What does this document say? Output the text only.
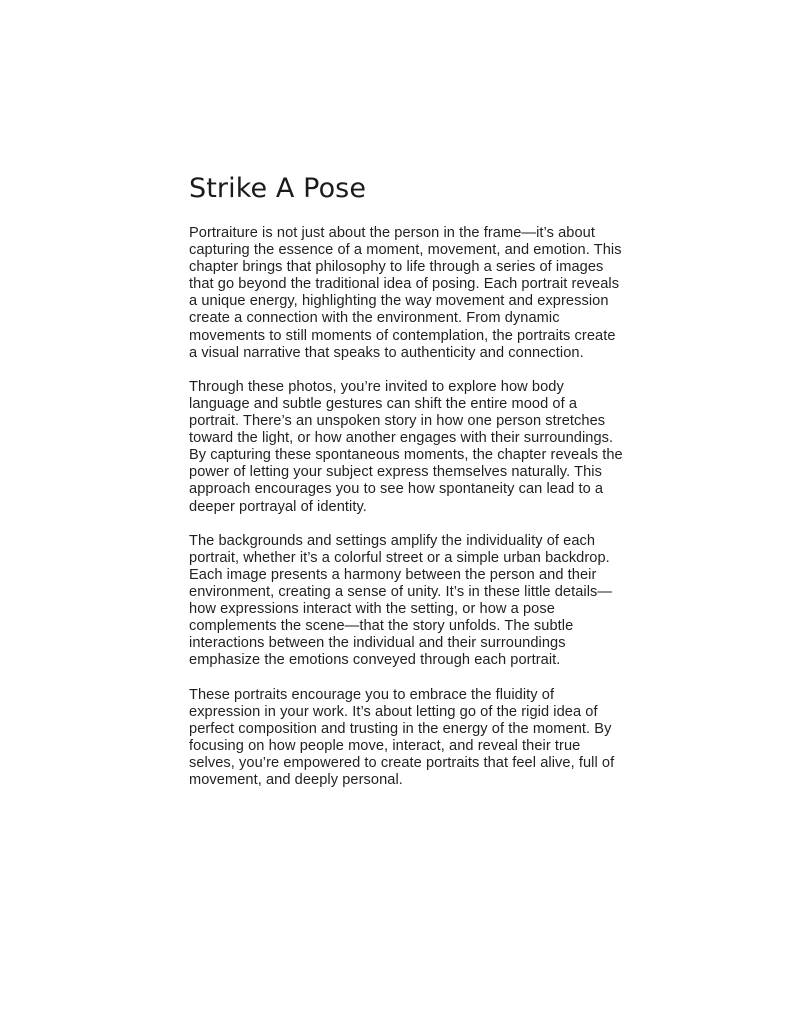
Strike A Pose

Portraiture is not just about the person in the frame—it’s about capturing the essence of a moment, movement, and emotion. This chapter brings that philosophy to life through a series of images that go beyond the traditional idea of posing. Each portrait reveals a unique energy, highlighting the way movement and expression create a connection with the environment. From dynamic movements to still moments of contemplation, the portraits create a visual narrative that speaks to authenticity and connection.

Through these photos, you’re invited to explore how body language and subtle gestures can shift the entire mood of a portrait. There’s an unspoken story in how one person stretches toward the light, or how another engages with their surroundings. By capturing these spontaneous moments, the chapter reveals the power of letting your subject express themselves naturally. This approach encourages you to see how spontaneity can lead to a deeper portrayal of identity.

The backgrounds and settings amplify the individuality of each portrait, whether it’s a colorful street or a simple urban backdrop. Each image presents a harmony between the person and their environment, creating a sense of unity. It’s in these little details—how expressions interact with the setting, or how a pose complements the scene—that the story unfolds. The subtle interactions between the individual and their surroundings emphasize the emotions conveyed through each portrait.

These portraits encourage you to embrace the fluidity of expression in your work. It’s about letting go of the rigid idea of perfect composition and trusting in the energy of the moment. By focusing on how people move, interact, and reveal their true selves, you’re empowered to create portraits that feel alive, full of movement, and deeply personal.
